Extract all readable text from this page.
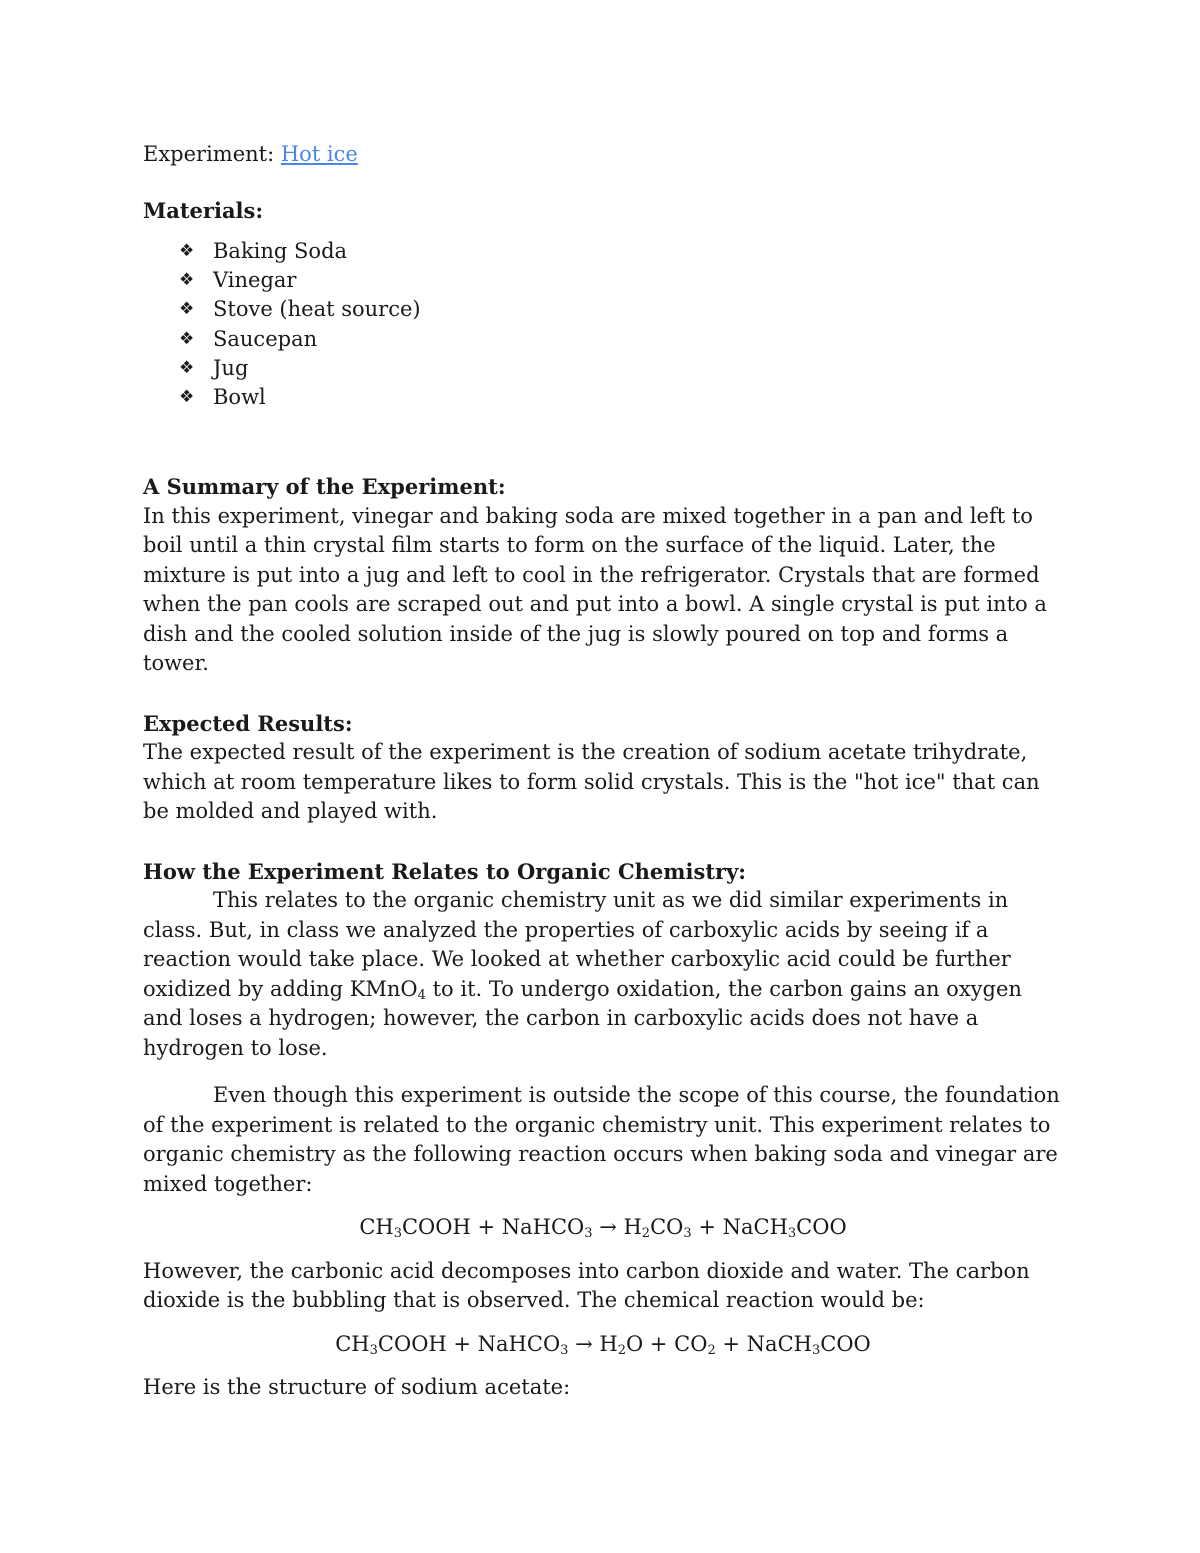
Experiment: Hot ice

Materials:

❖ Baking Soda
❖ Vinegar
❖ Stove (heat source)
❖ Saucepan
❖ Jug
❖ Bowl

A Summary of the Experiment:

In this experiment, vinegar and baking soda are mixed together in a pan and left to boil until a thin crystal film starts to form on the surface of the liquid. Later, the mixture is put into a jug and left to cool in the refrigerator. Crystals that are formed when the pan cools are scraped out and put into a bowl. A single crystal is put into a dish and the cooled solution inside of the jug is slowly poured on top and forms a tower.

Expected Results:

The expected result of the experiment is the creation of sodium acetate trihydrate, which at room temperature likes to form solid crystals. This is the "hot ice" that can be molded and played with.

How the Experiment Relates to Organic Chemistry:

This relates to the organic chemistry unit as we did similar experiments in class. But, in class we analyzed the properties of carboxylic acids by seeing if a reaction would take place. We looked at whether carboxylic acid could be further oxidized by adding KMnO$_4$ to it. To undergo oxidation, the carbon gains an oxygen and loses a hydrogen; however, the carbon in carboxylic acids does not have a hydrogen to lose.

Even though this experiment is outside the scope of this course, the foundation of the experiment is related to the organic chemistry unit. This experiment relates to organic chemistry as the following reaction occurs when baking soda and vinegar are mixed together:

$CH_3COOH$ + NaHCO$_3$ → $H_2CO_3$ + NaCH$_3$COO

However, the carbonic acid decomposes into carbon dioxide and water. The carbon dioxide is the bubbling that is observed. The chemical reaction would be:

$CH_3COOH$ + NaHCO$_3$ → $H_2O + CO_2$ + NaCH$_3$COO

Here is the structure of sodium acetate:
